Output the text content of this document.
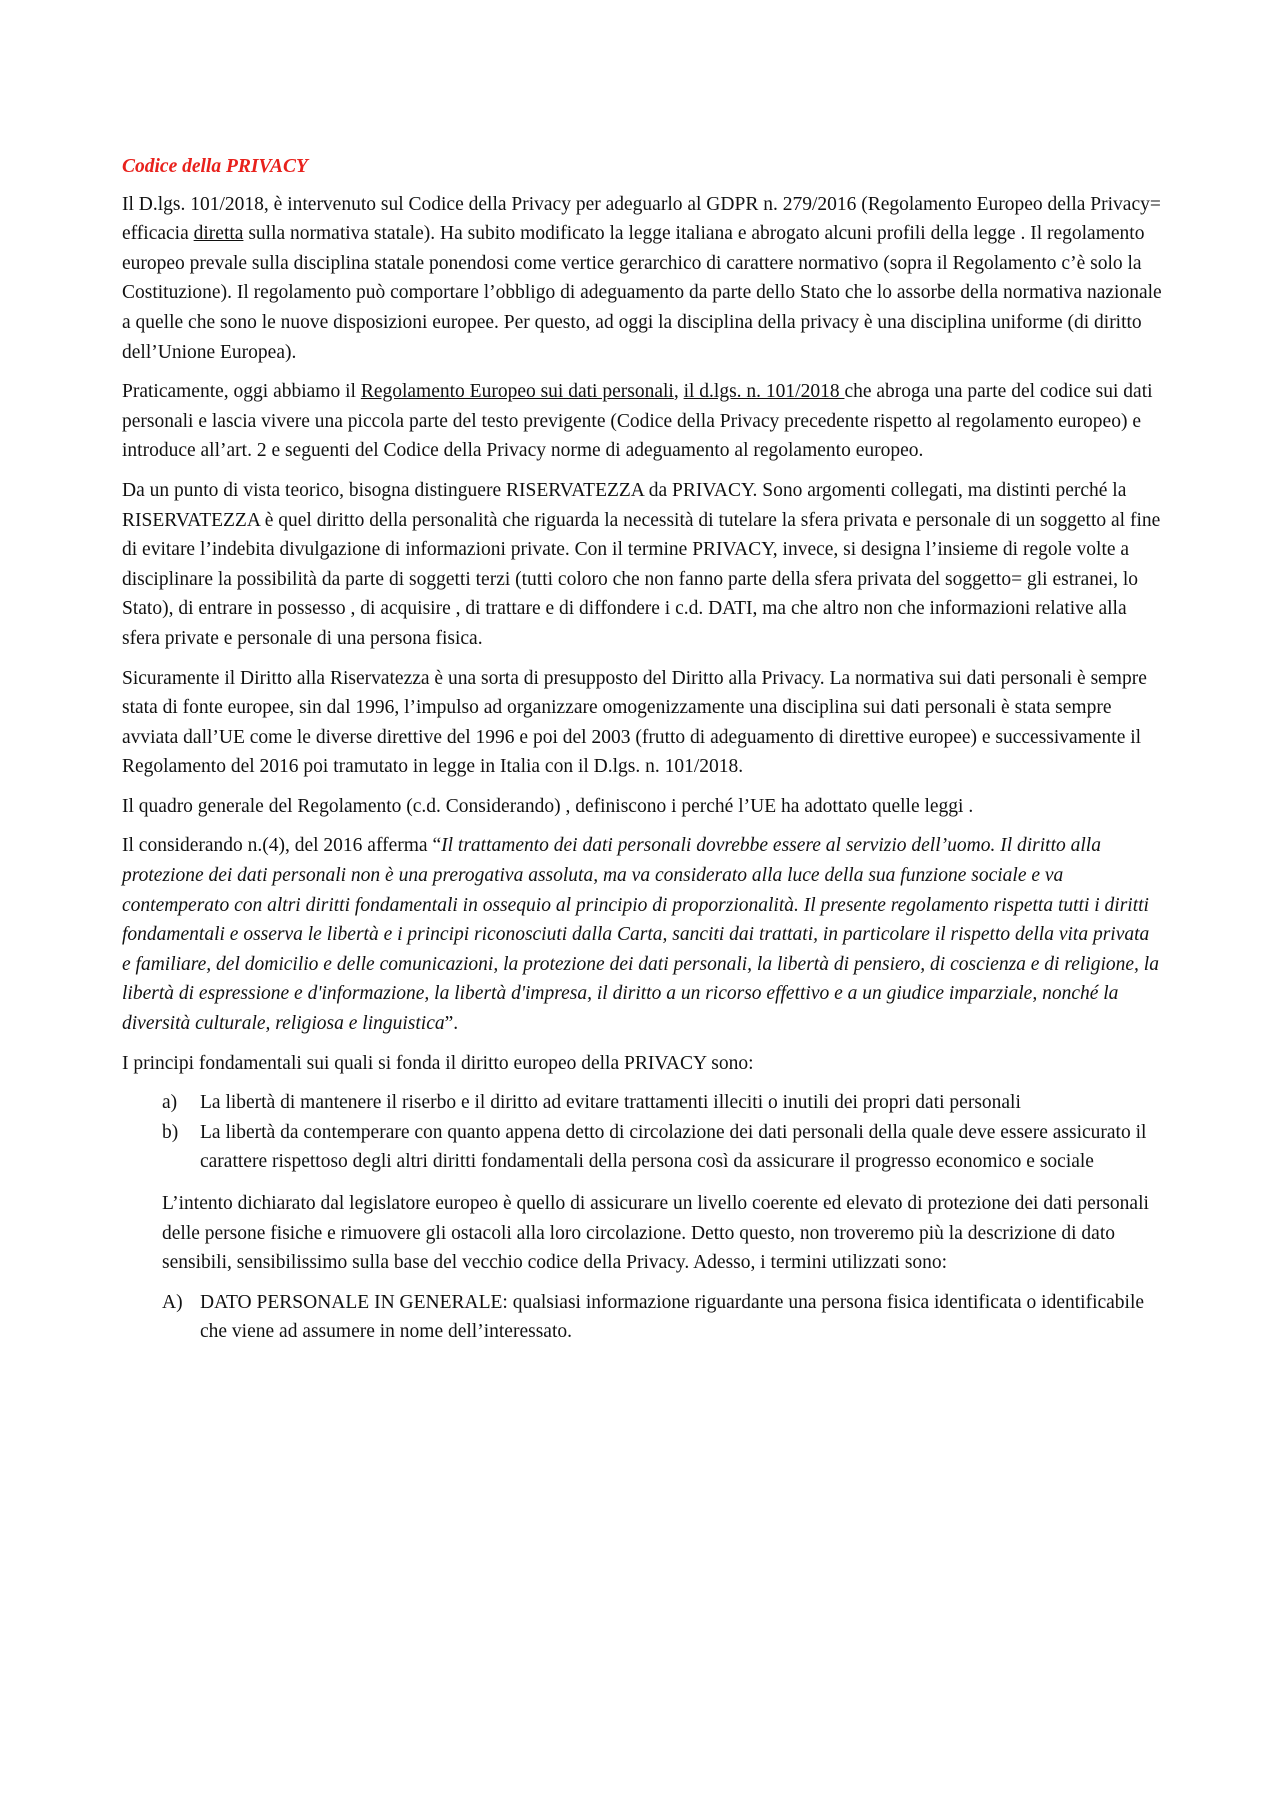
Codice della PRIVACY

Il D.lgs. 101/2018, è intervenuto sul Codice della Privacy per adeguarlo al GDPR n. 279/2016 (Regolamento Europeo della Privacy= efficacia diretta sulla normativa statale). Ha subito modificato la legge italiana e abrogato alcuni profili della legge . Il regolamento europeo prevale sulla disciplina statale ponendosi come vertice gerarchico di carattere normativo (sopra il Regolamento c’è solo la Costituzione). Il regolamento può comportare l’obbligo di adeguamento da parte dello Stato che lo assorbe della normativa nazionale a quelle che sono le nuove disposizioni europee. Per questo, ad oggi la disciplina della privacy è una disciplina uniforme (di diritto dell’Unione Europea).

Praticamente, oggi abbiamo il Regolamento Europeo sui dati personali, il d.lgs. n. 101/2018 che abroga una parte del codice sui dati personali e lascia vivere una piccola parte del testo previgente (Codice della Privacy precedente rispetto al regolamento europeo) e introduce all’art. 2 e seguenti del Codice della Privacy norme di adeguamento al regolamento europeo.

Da un punto di vista teorico, bisogna distinguere RISERVATEZZA da PRIVACY. Sono argomenti collegati, ma distinti perché la RISERVATEZZA è quel diritto della personalità che riguarda la necessità di tutelare la sfera privata e personale di un soggetto al fine di evitare l’indebita divulgazione di informazioni private. Con il termine PRIVACY, invece, si designa l’insieme di regole volte a disciplinare la possibilità da parte di soggetti terzi (tutti coloro che non fanno parte della sfera privata del soggetto= gli estranei, lo Stato), di entrare in possesso , di acquisire , di trattare e di diffondere i c.d. DATI, ma che altro non che informazioni relative alla sfera private e personale di una persona fisica.

Sicuramente il Diritto alla Riservatezza è una sorta di presupposto del Diritto alla Privacy. La normativa sui dati personali è sempre stata di fonte europee, sin dal 1996, l’impulso ad organizzare omogenizzamente una disciplina sui dati personali è stata sempre avviata dall’UE come le diverse direttive del 1996 e poi del 2003 (frutto di adeguamento di direttive europee) e successivamente il Regolamento del 2016 poi tramutato in legge in Italia con il D.lgs. n. 101/2018.

Il quadro generale del Regolamento (c.d. Considerando) , definiscono i perché l’UE ha adottato quelle leggi .

Il considerando n.(4), del 2016 afferma “Il trattamento dei dati personali dovrebbe essere al servizio dell’uomo. Il diritto alla protezione dei dati personali non è una prerogativa assoluta, ma va considerato alla luce della sua funzione sociale e va contemperato con altri diritti fondamentali in ossequio al principio di proporzionalità. Il presente regolamento rispetta tutti i diritti fondamentali e osserva le libertà e i principi riconosciuti dalla Carta, sanciti dai trattati, in particolare il rispetto della vita privata e familiare, del domicilio e delle comunicazioni, la protezione dei dati personali, la libertà di pensiero, di coscienza e di religione, la libertà di espressione e d'informazione, la libertà d'impresa, il diritto a un ricorso effettivo e a un giudice imparziale, nonché la diversità culturale, religiosa e linguistica”.

I principi fondamentali sui quali si fonda il diritto europeo della PRIVACY sono:

a) La libertà di mantenere il riserbo e il diritto ad evitare trattamenti illeciti o inutili dei propri dati personali
b) La libertà da contemperare con quanto appena detto di circolazione dei dati personali della quale deve essere assicurato il carattere rispettoso degli altri diritti fondamentali della persona così da assicurare il progresso economico e sociale

L’intento dichiarato dal legislatore europeo è quello di assicurare un livello coerente ed elevato di protezione dei dati personali delle persone fisiche e rimuovere gli ostacoli alla loro circolazione. Detto questo, non troveremo più la descrizione di dato sensibili, sensibilissimo sulla base del vecchio codice della Privacy. Adesso, i termini utilizzati sono:

A) DATO PERSONALE IN GENERALE: qualsiasi informazione riguardante una persona fisica identificata o identificabile che viene ad assumere in nome dell’interessato.
